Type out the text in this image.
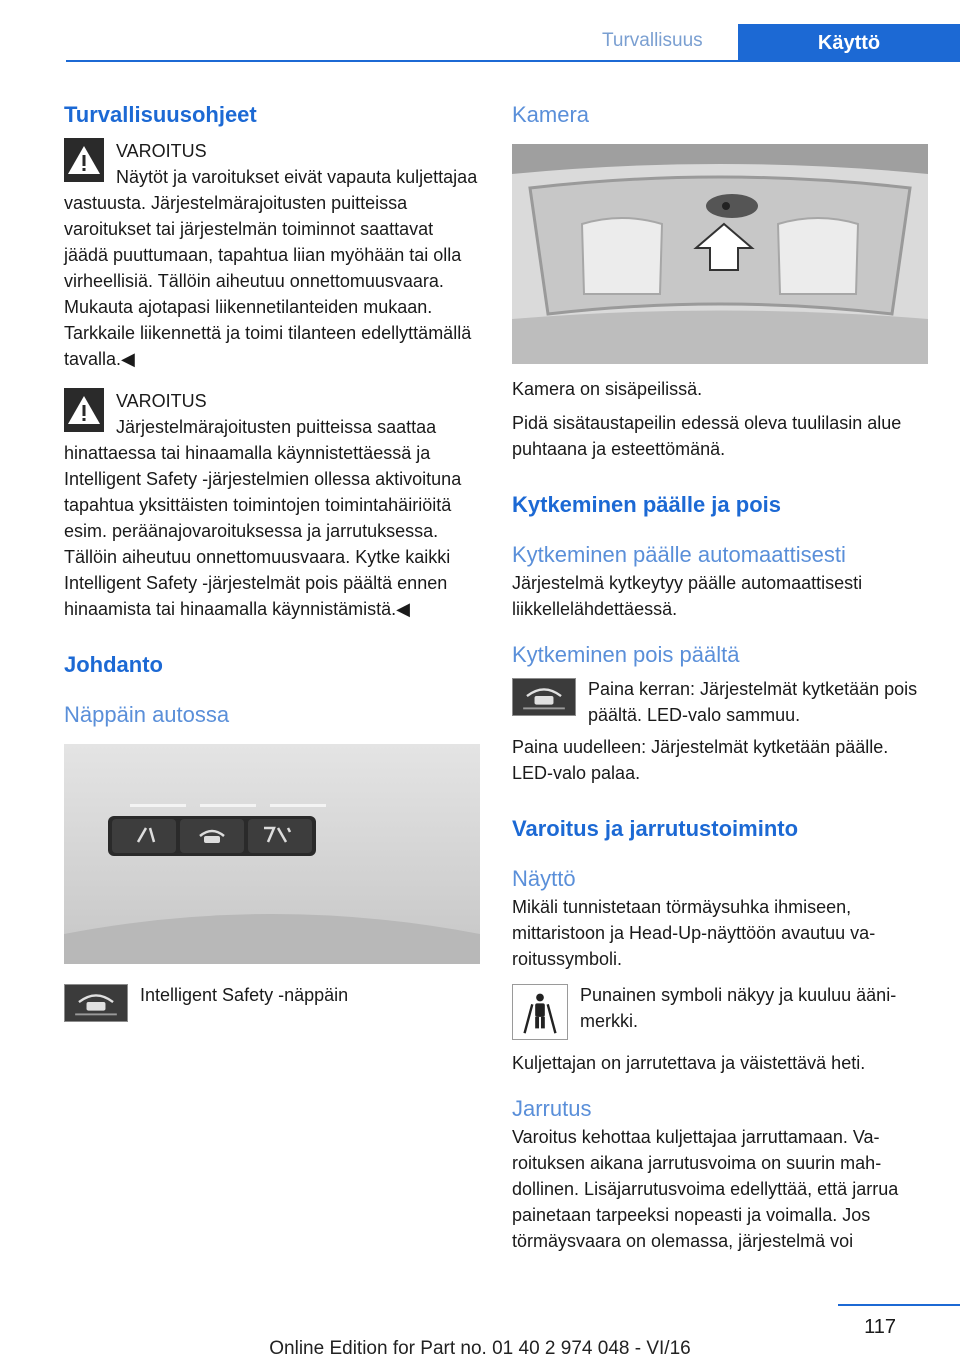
Turvallisuus	Käyttö
Turvallisuusohjeet
VAROITUS
Näytöt ja varoitukset eivät vapauta kuljettajaa vastuusta. Järjestelmärajoitusten puitteissa varoitukset tai järjestelmän toiminnot saattavat jäädä puuttumaan, tapahtua liian myöhään tai olla virheellisiä. Tällöin aiheutuu onnettomuusvaara. Mukauta ajotapasi liikennetilanteiden mukaan. Tarkkaile liikennettä ja toimi tilanteen edellyttämällä tavalla.◀
VAROITUS
Järjestelmärajoitusten puitteissa saattaa hinattaessa tai hinaamalla käynnistettäessä ja Intelligent Safety -järjestelmien ollessa aktivoituna tapahtua yksittäisten toimintojen toimintahäiriöitä esim. peräänajovaroituksessa ja jarrutuksessa. Tällöin aiheutuu onnettomuusvaara. Kytke kaikki Intelligent Safety -järjestelmät pois päältä ennen hinaamista tai hinaamalla käynnistämistä.◀
Johdanto
Näppäin autossa
Intelligent Safety -näppäin
Kamera

Kamera on sisäpeilissä.

Pidä sisätaustapeilin edessä oleva tuulilasin alue puhtaana ja esteettömänä.

Kytkeminen päälle ja pois
Kytkeminen päälle automaattisesti

Järjestelmä kytkeytyy päälle automaattisesti liikkellelähdettäessä.

Kytkeminen pois päältä
Paina kerran: Järjestelmät kytketään pois päältä. LED-valo sammuu.

Paina uudelleen: Järjestelmät kytketään päälle. LED-valo palaa.

Varoitus ja jarrutustoiminto
Näyttö

Mikäli tunnistetaan törmäysuhka ihmiseen, mittaristoon ja Head-Up-näyttöön avautuu varoitussymboli.

Punainen symboli näkyy ja kuuluu äänimerkki.

Kuljettajan on jarrutettava ja väistettävä heti.

Jarrutus

Varoitus kehottaa kuljettajaa jarruttamaan. Varoituksen aikana jarrutusvoima on suurin mahdollinen. Lisäjarrutusvoima edellyttää, että jarrua painetaan tarpeeksi nopeasti ja voimalla. Jos törmäysvaara on olemassa, järjestelmä voi

117
Online Edition for Part no. 01 40 2 974 048 - VI/16
